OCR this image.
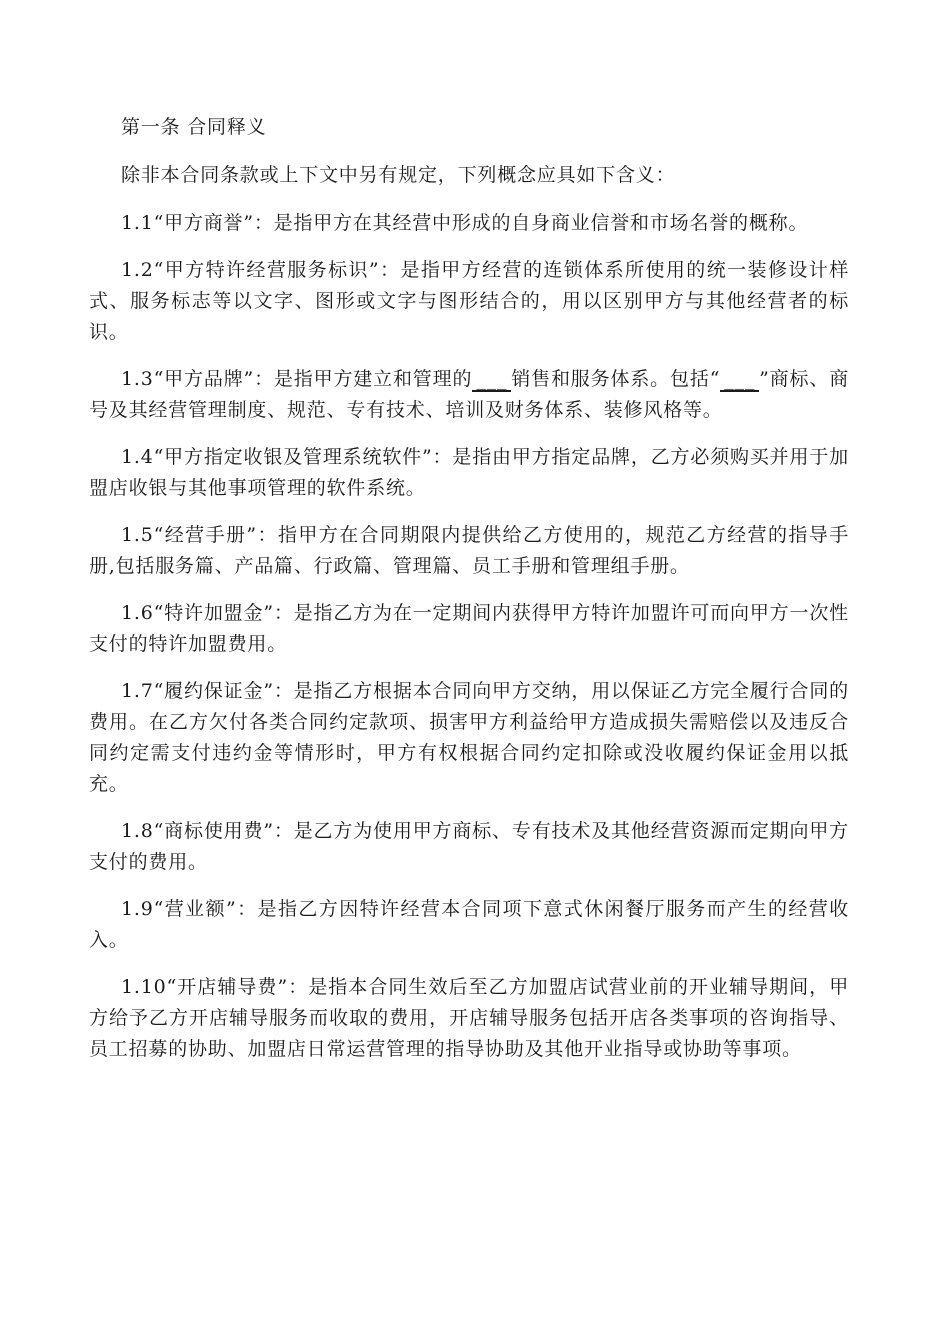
第一条 合同释义

除非本合同条款或上下文中另有规定，下列概念应具如下含义：

1.1“甲方商誉”：是指甲方在其经营中形成的自身商业信誉和市场名誉的概称。

1.2“甲方特许经营服务标识”：是指甲方经营的连锁体系所使用的统一装修设计样式、服务标志等以文字、图形或文字与图形结合的，用以区别甲方与其他经营者的标识。

1.3“甲方品牌”：是指甲方建立和管理的 ___ 销售和服务体系。包括“ ___ ”商标、商号及其经营管理制度、规范、专有技术、培训及财务体系、装修风格等。

1.4“甲方指定收银及管理系统软件”：是指由甲方指定品牌，乙方必须购买并用于加盟店收银与其他事项管理的软件系统。

1.5“经营手册”：指甲方在合同期限内提供给乙方使用的，规范乙方经营的指导手册,包括服务篇、产品篇、行政篇、管理篇、员工手册和管理组手册。

1.6“特许加盟金”：是指乙方为在一定期间内获得甲方特许加盟许可而向甲方一次性支付的特许加盟费用。

1.7“履约保证金”：是指乙方根据本合同向甲方交纳，用以保证乙方完全履行合同的费用。在乙方欠付各类合同约定款项、损害甲方利益给甲方造成损失需赔偿以及违反合同约定需支付违约金等情形时，甲方有权根据合同约定扣除或没收履约保证金用以抵充。

1.8“商标使用费”：是乙方为使用甲方商标、专有技术及其他经营资源而定期向甲方支付的费用。

1.9“营业额”：是指乙方因特许经营本合同项下意式休闲餐厅服务而产生的经营收入。

1.10“开店辅导费”：是指本合同生效后至乙方加盟店试营业前的开业辅导期间，甲方给予乙方开店辅导服务而收取的费用，开店辅导服务包括开店各类事项的咨询指导、员工招募的协助、加盟店日常运营管理的指导协助及其他开业指导或协助等事项。
